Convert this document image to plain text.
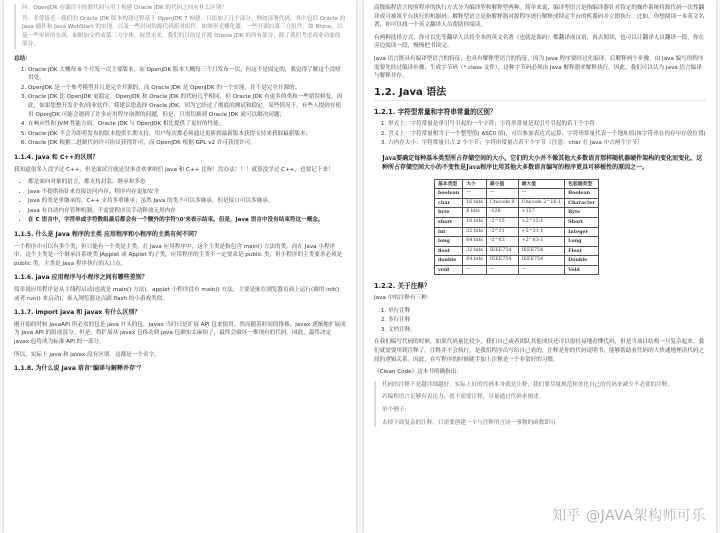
问：OpenJDK 存储库中的源代码与用于构建 Oracle JDK 的代码之间有什么区别？

答：非常接近 - 我们的 Oracle JDK 版本构建过程基于 OpenJDK 7 构建，只添加了几个部分，例如部署代码，其中包括 Oracle 的 Java 插件和 Java WebStart 的实现，以及一些封闭的源代码派对组件，如图形光栅化器，一些开源的第三方组件，如 Rhino，以及一些零碎的东西，如附加文档或第三方字体。展望未来，我们的目的是开源 Oracle JDK 的所有部分，除了我们考虑商业功能的部分。

总结：
1. Oracle JDK 大概每 6 个月发一次主要版本，而 OpenJDK 版本大概每三个月发布一次。但这不是固定的，我觉得了解这个没啥用处。
2. OpenJDK 是一个参考模型并且是完全开源的，而 Oracle JDK 是 OpenJDK 的一个实现，并不是完全开源的；
3. Oracle JDK 比 OpenJDK 更稳定。OpenJDK 和 Oracle JDK 的代码几乎相同，但 Oracle JDK 有更多的类和一些错误修复。因此，如果您想开发企业/商业软件，我建议您选择 Oracle JDK，因为它经过了彻底的测试和稳定。某些情况下，有些人提到在使用 OpenJDK 可能会遇到了许多应用程序崩溃的问题，但是，只需切换到 Oracle JDK 就可以解决问题；
4. 在响应性和 JVM 性能方面，Oracle JDK 与 OpenJDK 相比提供了更好的性能；
5. Oracle JDK 不会为即将发布的版本提供长期支持，用户每次都必须通过更新到最新版本获得支持来获取最新版本；
6. Oracle JDK 根据二进制代码许可协议获得许可，而 OpenJDK 根据 GPL v2 许可获得许可。
1.1.4. Java 和 C++的区别？

我知道很多人没学过 C++，但是面试官就是没事喜欢拿咱们 Java 和 C++ 比呀！没办法！！！就算没学过 C++，也要记下来！

• 都是面向对象的语言，都支持封装、继承和多态
• Java 不提供指针来直接访问内存，程序内存更加安全
• Java 的类是单继承的，C++ 支持多重继承；虽然 Java 的类不可以多继承，但是接口可以多继承。
• Java 有自动内存管理机制，不需要程序员手动释放无用内存
• 在 C 语言中，字符串或字符数组最后都会有一个额外的字符'\0'来表示结束。但是，Java 语言中没有结束符这一概念。
1.1.5. 什么是 Java 程序的主类 应用程序和小程序的主类有何不同？

一个程序中可以有多个类，但只能有一个类是主类。在 Java 应用程序中，这个主类是指包含 main() 方法的类。而在 Java 小程序中，这个主类是一个继承自系统类 JApplet 或 Applet 的子类。应用程序的主类不一定要求是 public 类，但小程序的主类要求必须是 public 类。主类是 Java 程序执行的入口点。

1.1.6. java 应用程序与小程序之间有哪些差别？

简单说应用程序是从主线程启动(也就是 main() 方法)。applet 小程序没有 main() 方法，主要是嵌在浏览器页面上运行(调用 init() 或者 run() 来启动)，嵌入浏览器这点跟 flash 的小游戏类似。

1.1.7. import java 和 javax 有什么区别？

刚开始的时候 JavaAPI 所必需的包是 java 开头的包，javax 当时只是扩展 API 包来使用。然而随着时间的推移，javax 逐渐地扩展成为 Java API 的组成部分。但是，将扩展从 javax 包移动到 java 包确实太麻烦了，最终会破坏一堆现有的代码。因此，最终决定 javax 包将成为标准 API 的一部分。

所以，实际上 java 和 javax 没有区别。这都是一个名字。

1.1.8. 为什么说 Java 语言"编译与解释并存"？

高级编程语言按照程序的执行方式分为编译型和解释型两种。简单来说，编译型语言是指编译器针对特定的操作系统将源代码一次性翻译成可被该平台执行的机器码；解释型语言是指解释器对源程序逐行解释成特定平台的机器码并立即执行。比如，你想阅读一本英文名著，你可以找一个英文翻译人员帮助你阅读。

有两种选择方式，你可以先等翻译人员将全本的英文名著（也就是源码）都翻译成汉语，再去阅读，也可以让翻译人员翻译一段，你在旁边阅读一段，慢慢把书读完。

Java 语言既具有编译型语言的特征，也具有解释型语言的特征，因为 Java 程序要经过先编译，后解释两个步骤，由 Java 编写的程序需要先经过编译步骤，生成字节码（*.class 文件），这种字节码必须由 Java 解释器来解释执行。因此，我们可以认为 Java 语言编译与解释并存。

1.2. Java 语法
1.2.1. 字符型常量和字符串常量的区别？
1. 形式上：字符常量是单引号引起的一个字符；字符串常量是双引号引起的若干个字符
2. 含义上：字符常量相当于一个整型值( ASCII 值)，可以参加表达式运算；字符串常量代表一个地址值(该字符串在内存中存放位置)
3. 占内存大小：字符常量只占 2 个字节；字符串常量占若干个字节（注意：char 在 Java 中占两个字节）
Java要确定每种基本类型所占存储空间的大小。它们的大小并不像其他大多数语言那样随机器硬件架构的变化而变化。这种所占存储空间大小的不变性是Java程序比用其他大多数语言编写的程序更具可移植性的原因之一。
基本类型	大小	最小值	最大值	包装器类型
boolean	—	—	—	Boolean
char	16 bits	Unicode 0	Unicode 2^16-1	Character
byte	8 bits	-128	+127	Byte
short	16 bits	-2^15	+2^15-1	Short
int	32 bits	-2^31	+2^31-1	Integer
long	64 bits	-2^63	+2^63-1	Long
float	32 bits	IEEE754	IEEE754	Float
double	64 bits	IEEE754	IEEE754	Double
void	—	—	—	Void
1.2.2. 关于注释？

Java 中的注释有三种：

1. 单行注释
2. 多行注释
3. 文档注释。

在我们编写代码的时候，如果代码量比较少，我们自己或者团队其他成员还可以很轻易地看懂代码，但是当项目结构一旦复杂起来，我们就需要用到注释了。注释并不会执行，是我们程序员写给自己看的，注释是你的代码说明书，能够帮助看代码的人快速地理清代码之间的逻辑关系。因此，在写程序的时候随手加上注释是一个非常好的习惯。

《Clean Code》这本书明确指出：

代码的注释不是越详细越好。实际上好的代码本身就是注释，我们要尽量规范和美化自己的代码来减少不必要的注释。

若编程语言足够有表达力，就不需要注释，尽量通过代码来阐述。

举个例子：

去掉下面复杂的注释，只需要创建一个与注释所言同一事物的函数即可

知乎 @JAVA架构师可乐
